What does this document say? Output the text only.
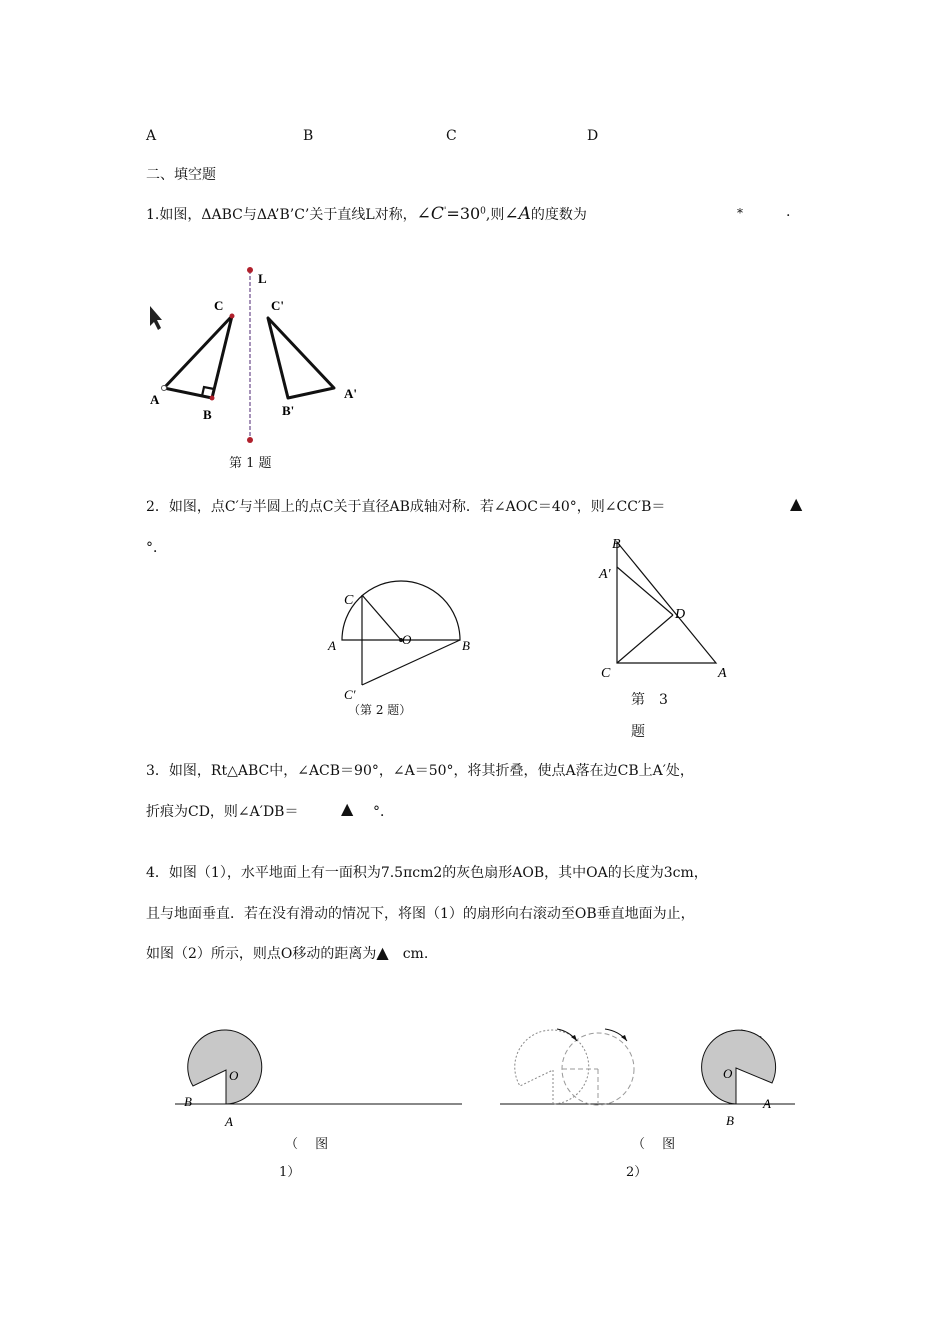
A	B	C	D
二、填空题
1.如图，ΔABC与ΔA’B’C’关于直线L对称，$\angle C'=30^0$,则∠A的度数为	*	.
L
C	C'
A
B
A'
B'
第 1 题
2．如图，点C′与半圆上的点C关于直径AB成轴对称．若∠AOC＝40°，则∠CC′B＝	▲
°．
C
O
A	B
C′
（第 2 题）
B
A′
D
C	A
第　3
题
3．如图，Rt△ABC中，∠ACB＝90°，∠A＝50°，将其折叠，使点A落在边CB上A′处，
折痕为CD，则∠A′DB＝	▲ °．
4．如图（1），水平地面上有一面积为7.5πcm2的灰色扇形AOB，其中OA的长度为3cm，
且与地面垂直．若在没有滑动的情况下，将图（1）的扇形向右滚动至OB垂直地面为止，
如图（2）所示，则点O移动的距离为▲ cm.
O
B
A
（　 图
1）
O
B
A
（　 图
2）
